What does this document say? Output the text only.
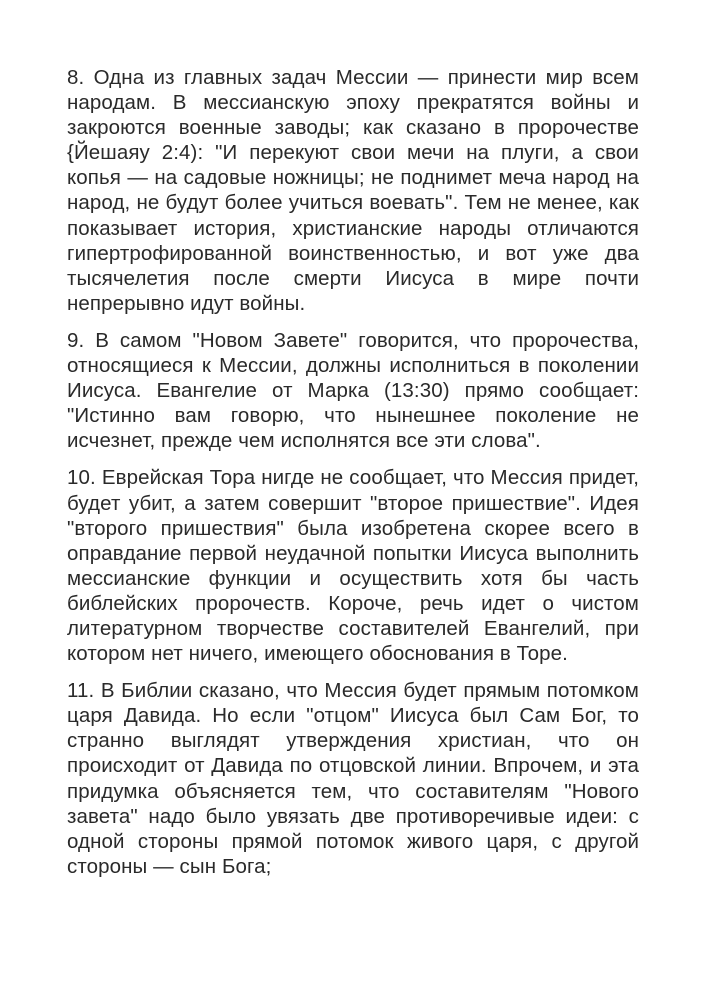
8. Одна из главных задач Мессии — принести мир всем народам. В мессианскую эпоху прекратятся войны и закроются военные заводы; как сказано в пророчестве {Йешаяу 2:4): "И перекуют свои мечи на плуги, а свои копья — на садовые ножницы; не поднимет меча народ на народ, не будут более учиться воевать". Тем не менее, как показывает история, христианские народы отличаются гипертрофированной воинственностью, и вот уже два тысячелетия после смерти Иисуса в мире почти непрерывно идут войны.

9. В самом "Новом Завете" говорится, что пророчества, относящиеся к Мессии, должны исполниться в поколении Иисуса. Евангелие от Марка (13:30) прямо сообщает: "Истинно вам говорю, что нынешнее поколение не исчезнет, прежде чем исполнятся все эти слова".

10. Еврейская Тора нигде не сообщает, что Мессия придет, будет убит, а затем совершит "второе пришествие". Идея "второго пришествия" была изобретена скорее всего в оправдание первой неудачной попытки Иисуса выполнить мессианские функции и осуществить хотя бы часть библейских пророчеств. Короче, речь идет о чистом литературном творчестве составителей Евангелий, при котором нет ничего, имеющего обоснования в Торе.

11. В Библии сказано, что Мессия будет прямым потомком царя Давида. Но если "отцом" Иисуса был Сам Бог, то странно выглядят утверждения христиан, что он происходит от Давида по отцовской линии. Впрочем, и эта придумка объясняется тем, что составителям "Нового завета" надо было увязать две противоречивые идеи: с одной стороны прямой потомок живого царя, с другой стороны — сын Бога;
